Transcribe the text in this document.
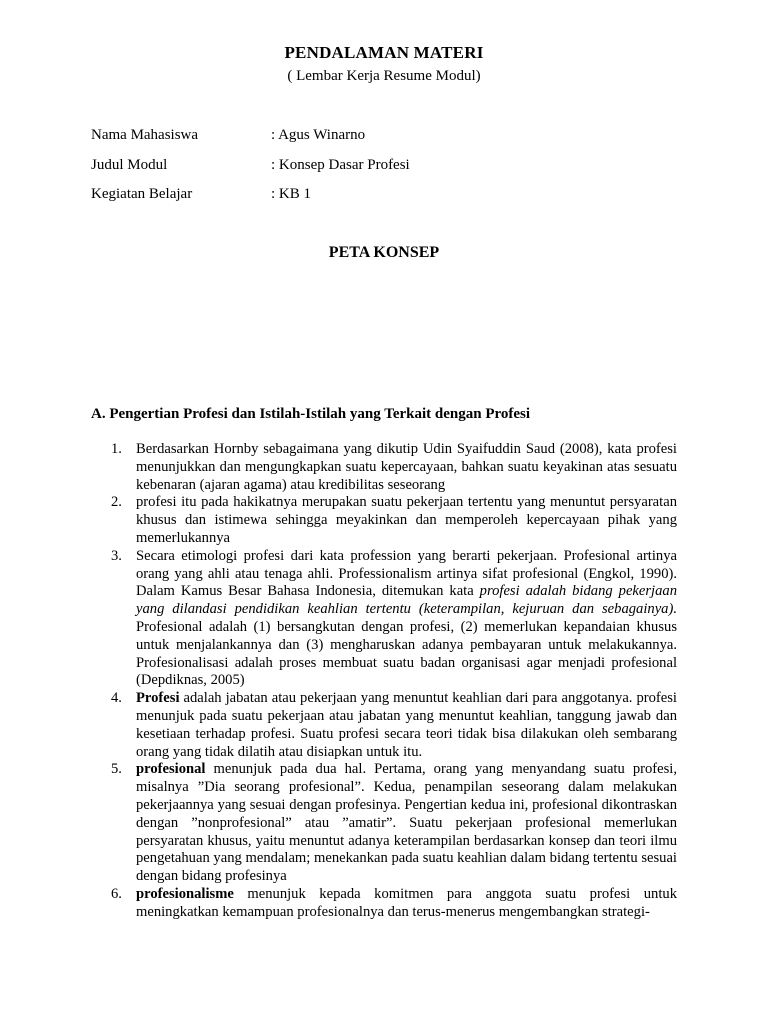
PENDALAMAN MATERI
( Lembar Kerja Resume Modul)
Nama Mahasiswa	: Agus Winarno
Judul Modul	: Konsep Dasar Profesi
Kegiatan Belajar	: KB 1
PETA KONSEP
A. Pengertian Profesi dan Istilah-Istilah yang Terkait dengan Profesi
1. Berdasarkan Hornby sebagaimana yang dikutip Udin Syaifuddin Saud (2008), kata profesi menunjukkan dan mengungkapkan suatu kepercayaan, bahkan suatu keyakinan atas sesuatu kebenaran (ajaran agama) atau kredibilitas seseorang
2. profesi itu pada hakikatnya merupakan suatu pekerjaan tertentu yang menuntut persyaratan khusus dan istimewa sehingga meyakinkan dan memperoleh kepercayaan pihak yang memerlukannya
3. Secara etimologi profesi dari kata profession yang berarti pekerjaan. Profesional artinya orang yang ahli atau tenaga ahli. Professionalism artinya sifat profesional (Engkol, 1990). Dalam Kamus Besar Bahasa Indonesia, ditemukan kata profesi adalah bidang pekerjaan yang dilandasi pendidikan keahlian tertentu (keterampilan, kejuruan dan sebagainya). Profesional adalah (1) bersangkutan dengan profesi, (2) memerlukan kepandaian khusus untuk menjalankannya dan (3) mengharuskan adanya pembayaran untuk melakukannya. Profesionalisasi adalah proses membuat suatu badan organisasi agar menjadi profesional (Depdiknas, 2005)
4. Profesi adalah jabatan atau pekerjaan yang menuntut keahlian dari para anggotanya. profesi menunjuk pada suatu pekerjaan atau jabatan yang menuntut keahlian, tanggung jawab dan kesetiaan terhadap profesi. Suatu profesi secara teori tidak bisa dilakukan oleh sembarang orang yang tidak dilatih atau disiapkan untuk itu.
5. profesional menunjuk pada dua hal. Pertama, orang yang menyandang suatu profesi, misalnya ”Dia seorang profesional”. Kedua, penampilan seseorang dalam melakukan pekerjaannya yang sesuai dengan profesinya. Pengertian kedua ini, profesional dikontraskan dengan ”nonprofesional” atau ”amatir”. Suatu pekerjaan profesional memerlukan persyaratan khusus, yaitu menuntut adanya keterampilan berdasarkan konsep dan teori ilmu pengetahuan yang mendalam; menekankan pada suatu keahlian dalam bidang tertentu sesuai dengan bidang profesinya
6. profesionalisme menunjuk kepada komitmen para anggota suatu profesi untuk meningkatkan kemampuan profesionalnya dan terus-menerus mengembangkan strategi-
